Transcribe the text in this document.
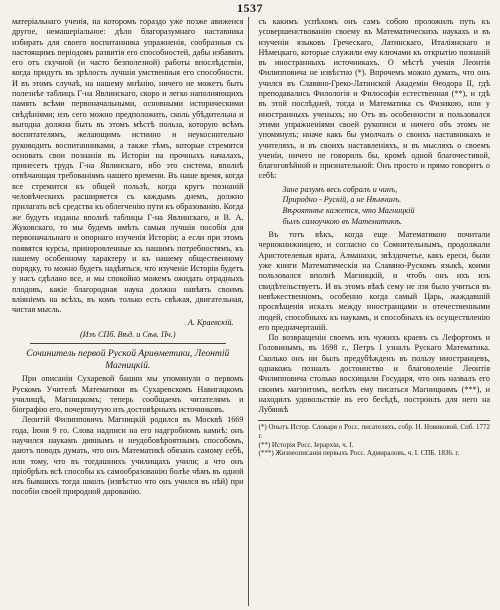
1537

матеріальнаго ученія, на которомъ гораздо уже позже авиженся другое, немашеріальное: дѣло благоразумнаго наставника избирать для своего воспитанника упражненія, сообразныя съ настоящимъ періодомъ развитія его способностей, дабы избавить его отъ скучной (и часто безполезной) работы впослѣдствіи, когда придутъ въ зрѣлость лучшія умственныя его способности. И въ этомъ случаѣ, на нашему мнѣнію, ничего не можетъ быть полезнѣе таблицъ Г-на Явлинскаго, скоро и легко наполняющихъ память всѣми первоначальными, основными историческими свѣдѣніями; изъ сего можно предположить, сколь убѣдительна и выгодна должна быть въ этомъ мѣстѣ польза, которую всѣмъ воспитателямъ, желающимъ истинно и неукоснительно руководить воспитанниками, а также тѣмъ, которые стремятся основать свои познанія въ Исторіи на прочныхъ началахъ, принесетъ трудъ Г-на Явлинскаго, ибо это система, вполнѣ отвѣчающая требованіямъ нашего времени. Въ наше время, когда все стремится къ общей пользѣ, когда кругъ познаній человѣческихъ расширяется съ каждымъ днемъ, должно прилагать всѣ средства къ облегченію пути къ образованію. Когда же будутъ изданы вполнѣ таблицы Г-на Явлинскаго, и В. А. Жуковскаго, то мы будемъ имѣть самыя лучшія пособія для первоначальнаго и опорнаго изученія Исторіи; а если при этомъ появятся курсы, приноровленные къ нашимъ потребностямъ, къ нашему особенному характеру и къ нашему общественному порядку, то можно будетъ надѣяться, что изученіе Исторіи будетъ у насъ сдѣлано все, и мы спокойно можемъ ожидать отрадныхъ плодовъ, какіе благородная наука должна навѣять своимъ вліяніемъ на всѣхъ, въ комъ только есть свѣжая, двигательная, чистая мысль.

А. Краевскій.
(Изъ СПб. Вѣд. и Сѣв. Пч.)
Сочинитель первой Руской Ариѳметики, Леонтій Магницкій.

При описаніи Сухаревой башни мы упомянули о первомъ Рускомъ Учителѣ Математики въ Сухаревскомъ Навигацкомъ училищѣ, Магницкомъ; теперь сообщаемъ читателямъ и біографію его, почерпнутую изъ достовѣрныхъ источниковъ.

Леонтій Филипповичъ Магницкій родился въ Москвѣ 1669 года, Іюня 9 го. Слова надписи на его надгробномъ камнѣ: онъ научился наукамъ дивнымъ и неудобовѣроятнымъ способомъ, даютъ поводъ думать, что онъ Математикѣ обязанъ самому себѣ, или тому, что въ тогдашнихъ училищахъ учили; а что онъ пріобрѣлъ всѣ способы къ самообразованію болѣе чѣмъ въ одной изъ бывшихъ тогда школъ (извѣстно что онъ учился въ нѣй) при пособіи своей природной дарованію.

съ какимъ успѣхомъ онъ самъ собою проложилъ путь къ усовершенствованію своему въ Математическихъ наукахъ и въ изученіи языковъ Греческаго, Латинскаго, Италіянскаго и Нѣмецкаго, которые служили ему ключами къ открытію познаній въ иностранныхъ источникахъ. О мѣстѣ ученія Леонтія Филипповича не извѣстно (*). Впрочемъ можно думать, что онъ учился въ Славяно-Греко-Латинской Академіи Ѳеодора II, гдѣ преподавались Филологія и Философія естественная (**), и гдѣ въ этой послѣдней, тогда и Математика съ Физикою, или у иностранныхъ ученыхъ; но Отъ въ особенности и пользовался этими упражненіями своей рукописи и ничего объ этомъ не упомянулъ; иначе какъ бы умолчалъ о своихъ наставникахъ и учителяхъ, и въ своихъ наставленіяхъ, и въ мысляхъ о своемъ ученіи, ничего не говорилъ бы, кромѣ одной благочестивой, благоговѣйной и признательной: Онъ просто и прямо говоритъ о себѣ:

Зане разумъ весь собралъ и чинъ,
Природно - Рускій, а не Нѣмчинъ.
Вѣроятнѣе кажется, что Магницкій
былъ самоучкою въ Математикѣ.

Въ тотъ вѣкъ, когда еще Математикою почитали чернокнижницею, и согласно со Сомнительнымъ, продолжали Аристотелевыя врата, Алманахи, звѣздочетье, какъ ереси, были уже книги Математическія на Славяно-Рускомъ языкѣ, коими пользовался вполнѣ Магницкій, и чтобъ онъ ихъ изъ свидѣтельствуетъ. И въ этомъ вѣкѣ сему не лзя было учиться въ невѣжественномъ, особенно когда самый Царь, жаждавшій просвѣщенія искалъ между иностранцами и отечественными людей, способныхъ къ наукамъ, и способныхъ къ осуществленію его предначертаній.

По возвращеніи своемъ изъ чужихъ краевъ съ Лефортомъ и Головинымъ, въ 1698 г., Петръ I узналъ Рускаго Математика. Сколько онъ ни былъ предубѣжденъ въ пользу иностранцевъ, однакожъ позналъ достоинство и благоволеніе Леонтія Филипповича столько восхищали Государя, что онъ назвалъ его своимъ магнитомъ, велѣлъ ему писаться Магницкимъ (***), и находилъ удовольствіе въ его бесѣдѣ, построилъ для него на Лубянкѣ

(*) Опытъ Истор. Словаря о Росс. писателяхъ, собр. Н. Новиковой. Спб. 1772 г.
(**) Исторія Росс. Іерархіи, ч. I.
(***) Жизнеописанія первыхъ Росс. Адмираловъ, ч. I. СПБ. 1836. г.
